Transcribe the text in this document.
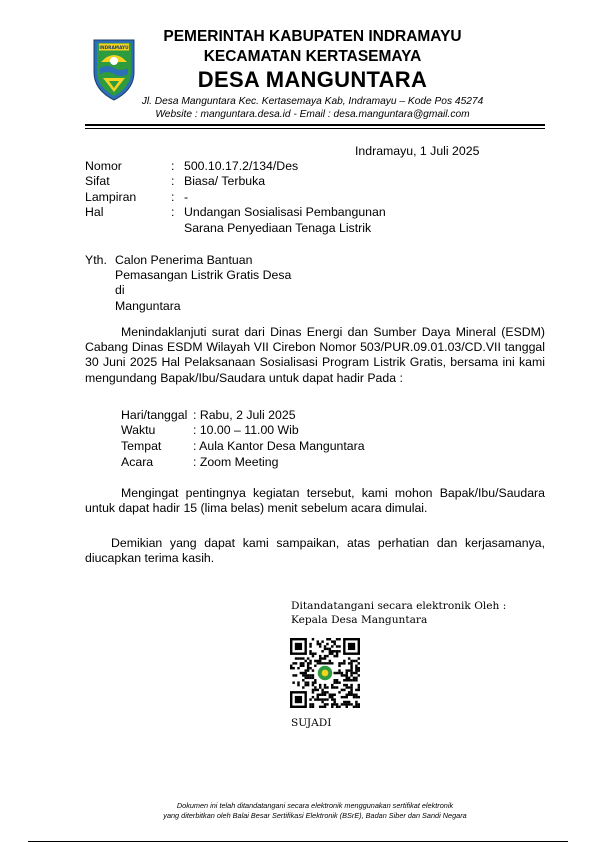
INDRAMAYU
PEMERINTAH KABUPATEN INDRAMAYU
KECAMATAN KERTASEMAYA
DESA MANGUNTARA
Jl. Desa Manguntara Kec. Kertasemaya Kab, Indramayu – Kode Pos 45274
Website : manguntara.desa.id - Email : desa.manguntara@gmail.com
Indramayu, 1 Juli 2025
Nomor	: 500.10.17.2/134/Des
Sifat	: Biasa/ Terbuka
Lampiran	: -
Hal	: Undangan Sosialisasi Pembangunan
Sarana Penyediaan Tenaga Listrik
Yth. Calon Penerima Bantuan
Pemasangan Listrik Gratis Desa
di
Manguntara
Menindaklanjuti surat dari Dinas Energi dan Sumber Daya Mineral (ESDM) Cabang Dinas ESDM Wilayah VII Cirebon Nomor 503/PUR.09.01.03/CD.VII tanggal 30 Juni 2025 Hal Pelaksanaan Sosialisasi Program Listrik Gratis, bersama ini kami mengundang Bapak/Ibu/Saudara untuk dapat hadir Pada :
Hari/tanggal : Rabu, 2 Juli 2025
Waktu	: 10.00 – 11.00 Wib
Tempat	: Aula Kantor Desa Manguntara
Acara	: Zoom Meeting
Mengingat pentingnya kegiatan tersebut, kami mohon Bapak/Ibu/Saudara untuk dapat hadir 15 (lima belas) menit sebelum acara dimulai.
Demikian yang dapat kami sampaikan, atas perhatian dan kerjasamanya, diucapkan terima kasih.
Ditandatangani secara elektronik Oleh :
Kepala Desa Manguntara
SUJADI
Dokumen ini telah ditandatangani secara elektronik menggunakan sertifikat elektronik
yang diterbitkan oleh Balai Besar Sertifikasi Elektronik (BSrE), Badan Siber dan Sandi Negara
